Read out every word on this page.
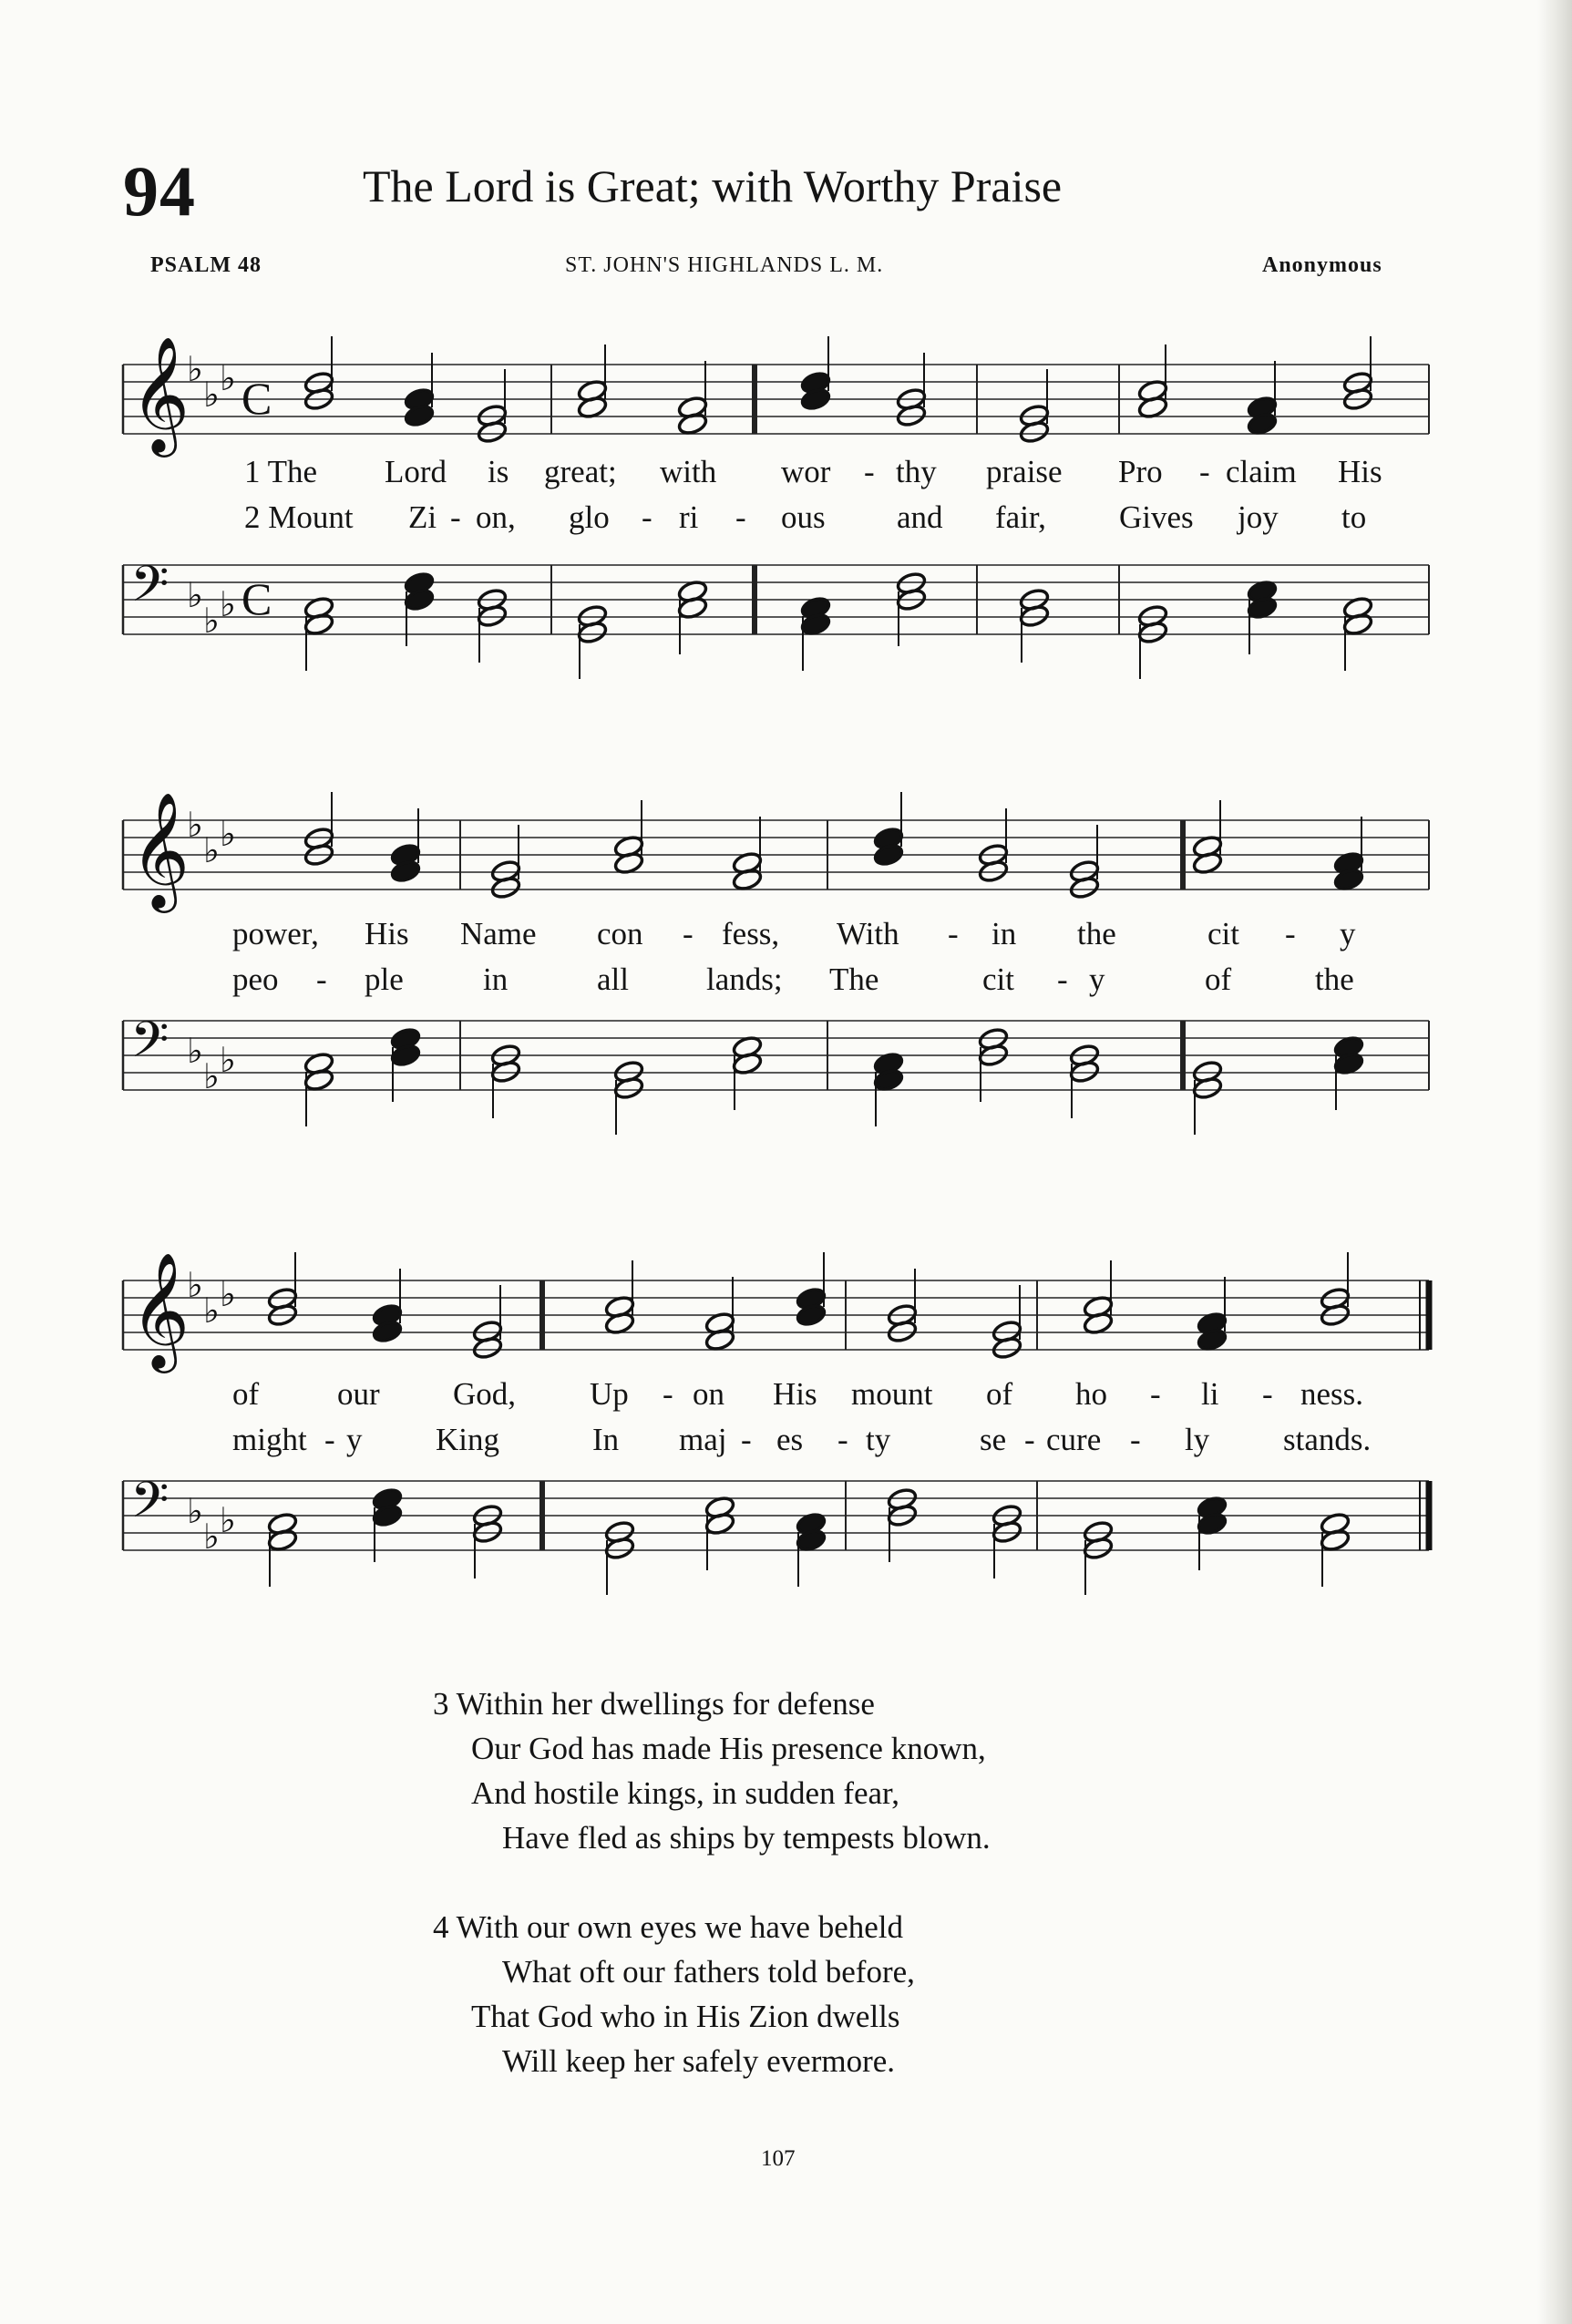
94	The Lord is Great; with Worthy Praise
PSALM 48	ST. JOHN'S HIGHLANDS L. M.	Anonymous
𝄞
♭
♭ ♭ C
𝄢 ♭
♭ ♭ C
1 The Lord is great; with wor - thy praise Pro - claim His
2 Mount Zi - on, glo - ri - ous and fair, Gives joy to
𝄞
♭
♭ ♭
𝄢 ♭
♭ ♭
power, His Name con - fess, With - in the	cit - y
peo - ple in	all lands; The	cit - y	of	the
𝄞
♭
♭ ♭
𝄢 ♭
♭ ♭
of our God, Up - on His mount of ho - li - ness.
might - y King	In maj - es - ty	se - cure - ly stands.
3 Within her dwellings for defense
Our God has made His presence known,
And hostile kings, in sudden fear,
Have fled as ships by tempests blown.
4 With our own eyes we have beheld
What oft our fathers told before,
That God who in His Zion dwells
Will keep her safely evermore.
107
